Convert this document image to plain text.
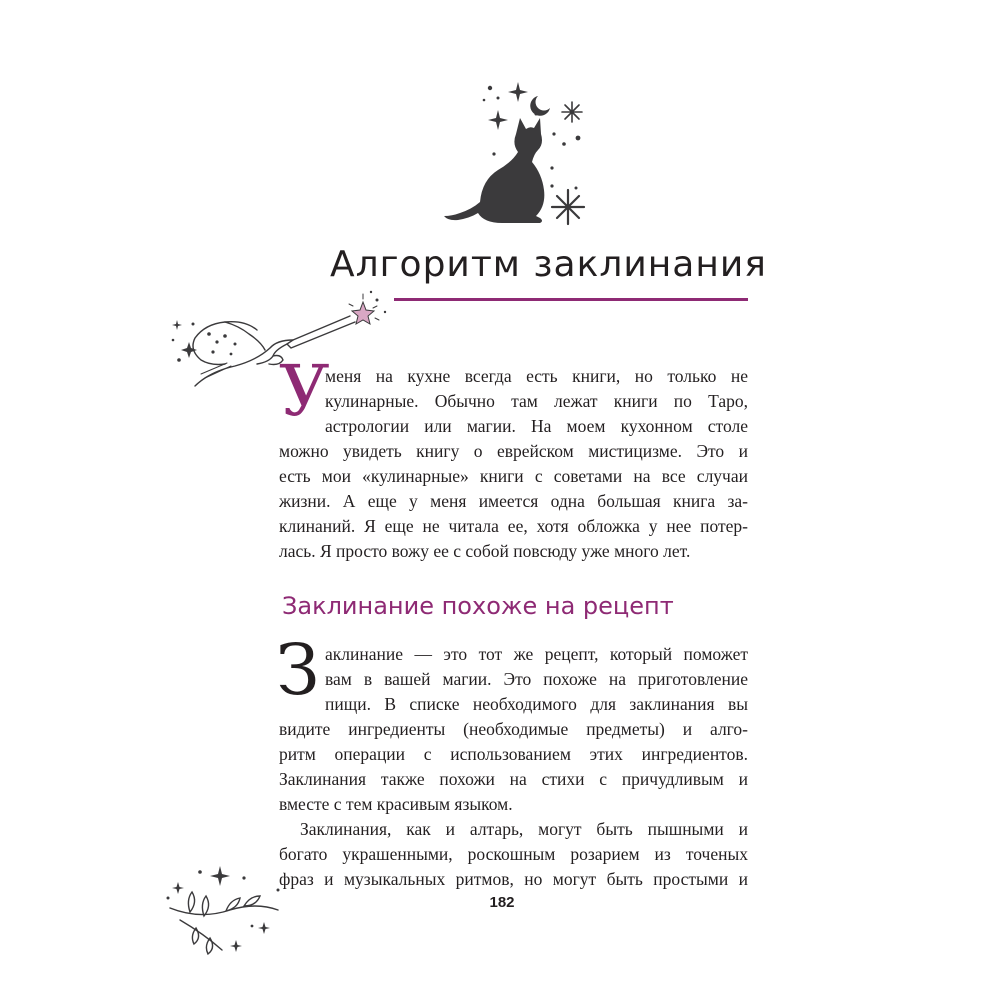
Алгоритм заклинания
У
меня на кухне всегда есть книги, но только не
кулинарные. Обычно там лежат книги по Таро,
астрологии или магии. На моем кухонном столе
можно увидеть книгу о еврейском мистицизме. Это и
есть мои «кулинарные» книги с советами на все случаи
жизни. А еще у меня имеется одна большая книга за-
клинаний. Я еще не читала ее, хотя обложка у нее потер-
лась. Я просто вожу ее с собой повсюду уже много лет.
Заклинание похоже на рецепт
З аклинание — это тот же рецепт, который поможет
вам в вашей магии. Это похоже на приготовление
пищи. В списке необходимого для заклинания вы
видите ингредиенты (необходимые предметы) и алго-
ритм операции с использованием этих ингредиентов.
Заклинания также похожи на стихи с причудливым и
вместе с тем красивым языком.
Заклинания, как и алтарь, могут быть пышными и
богато украшенными, роскошным розарием из точеных
фраз и музыкальных ритмов, но могут быть простыми и
182
